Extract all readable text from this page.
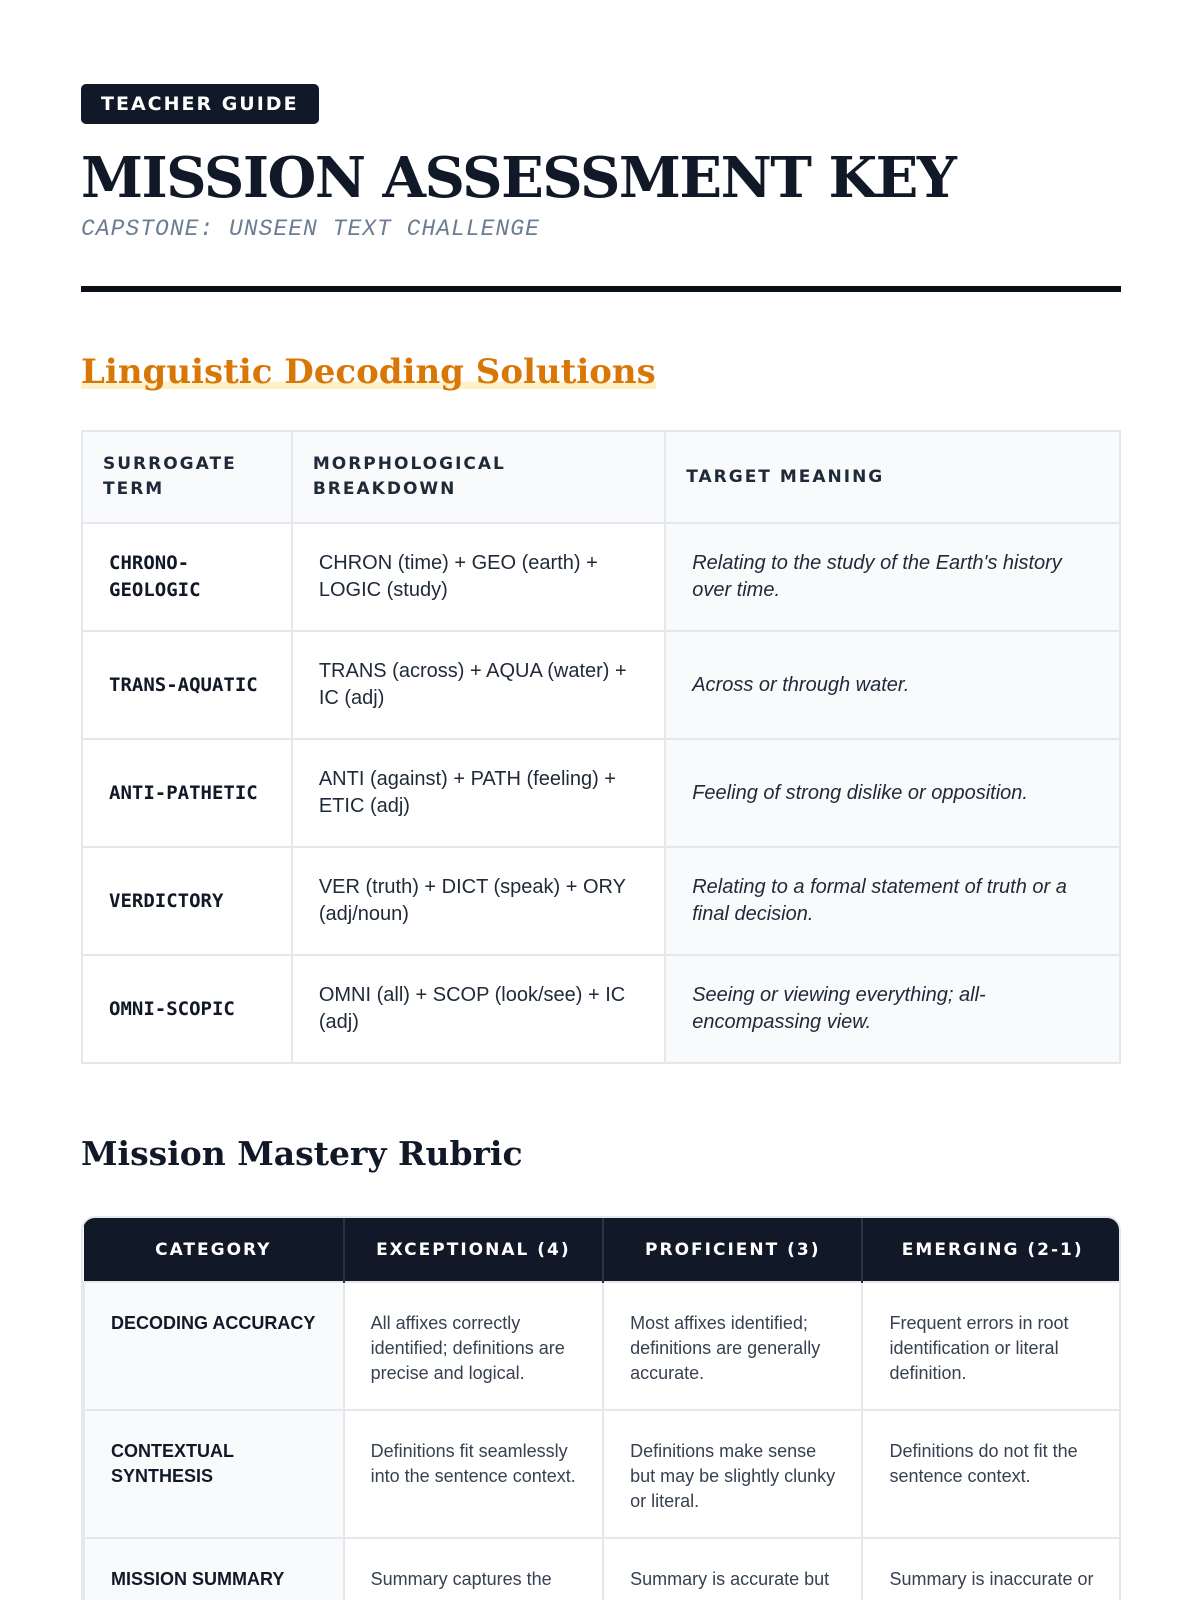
TEACHER GUIDE
MISSION ASSESSMENT KEY
CAPSTONE: UNSEEN TEXT CHALLENGE
Linguistic Decoding Solutions
SURROGATE TERM	MORPHOLOGICAL BREAKDOWN	TARGET MEANING
CHRONO-GEOLOGIC	CHRON (time) + GEO (earth) + LOGIC (study)	Relating to the study of the Earth's history over time.
TRANS-AQUATIC	TRANS (across) + AQUA (water) + IC (adj)	Across or through water.
ANTI-PATHETIC	ANTI (against) + PATH (feeling) + ETIC (adj)	Feeling of strong dislike or opposition.
VERDICTORY	VER (truth) + DICT (speak) + ORY (adj/noun)	Relating to a formal statement of truth or a final decision.
OMNI-SCOPIC	OMNI (all) + SCOP (look/see) + IC (adj)	Seeing or viewing everything; all-encompassing view.
Mission Mastery Rubric
CATEGORY	EXCEPTIONAL (4)	PROFICIENT (3)	EMERGING (2-1)
DECODING ACCURACY	All affixes correctly identified; definitions are precise and logical.	Most affixes identified; definitions are generally accurate.	Frequent errors in root identification or literal definition.
CONTEXTUAL SYNTHESIS	Definitions fit seamlessly into the sentence context.	Definitions make sense but may be slightly clunky or literal.	Definitions do not fit the sentence context.
MISSION SUMMARY	Summary captures the	Summary is accurate but	Summary is inaccurate or
